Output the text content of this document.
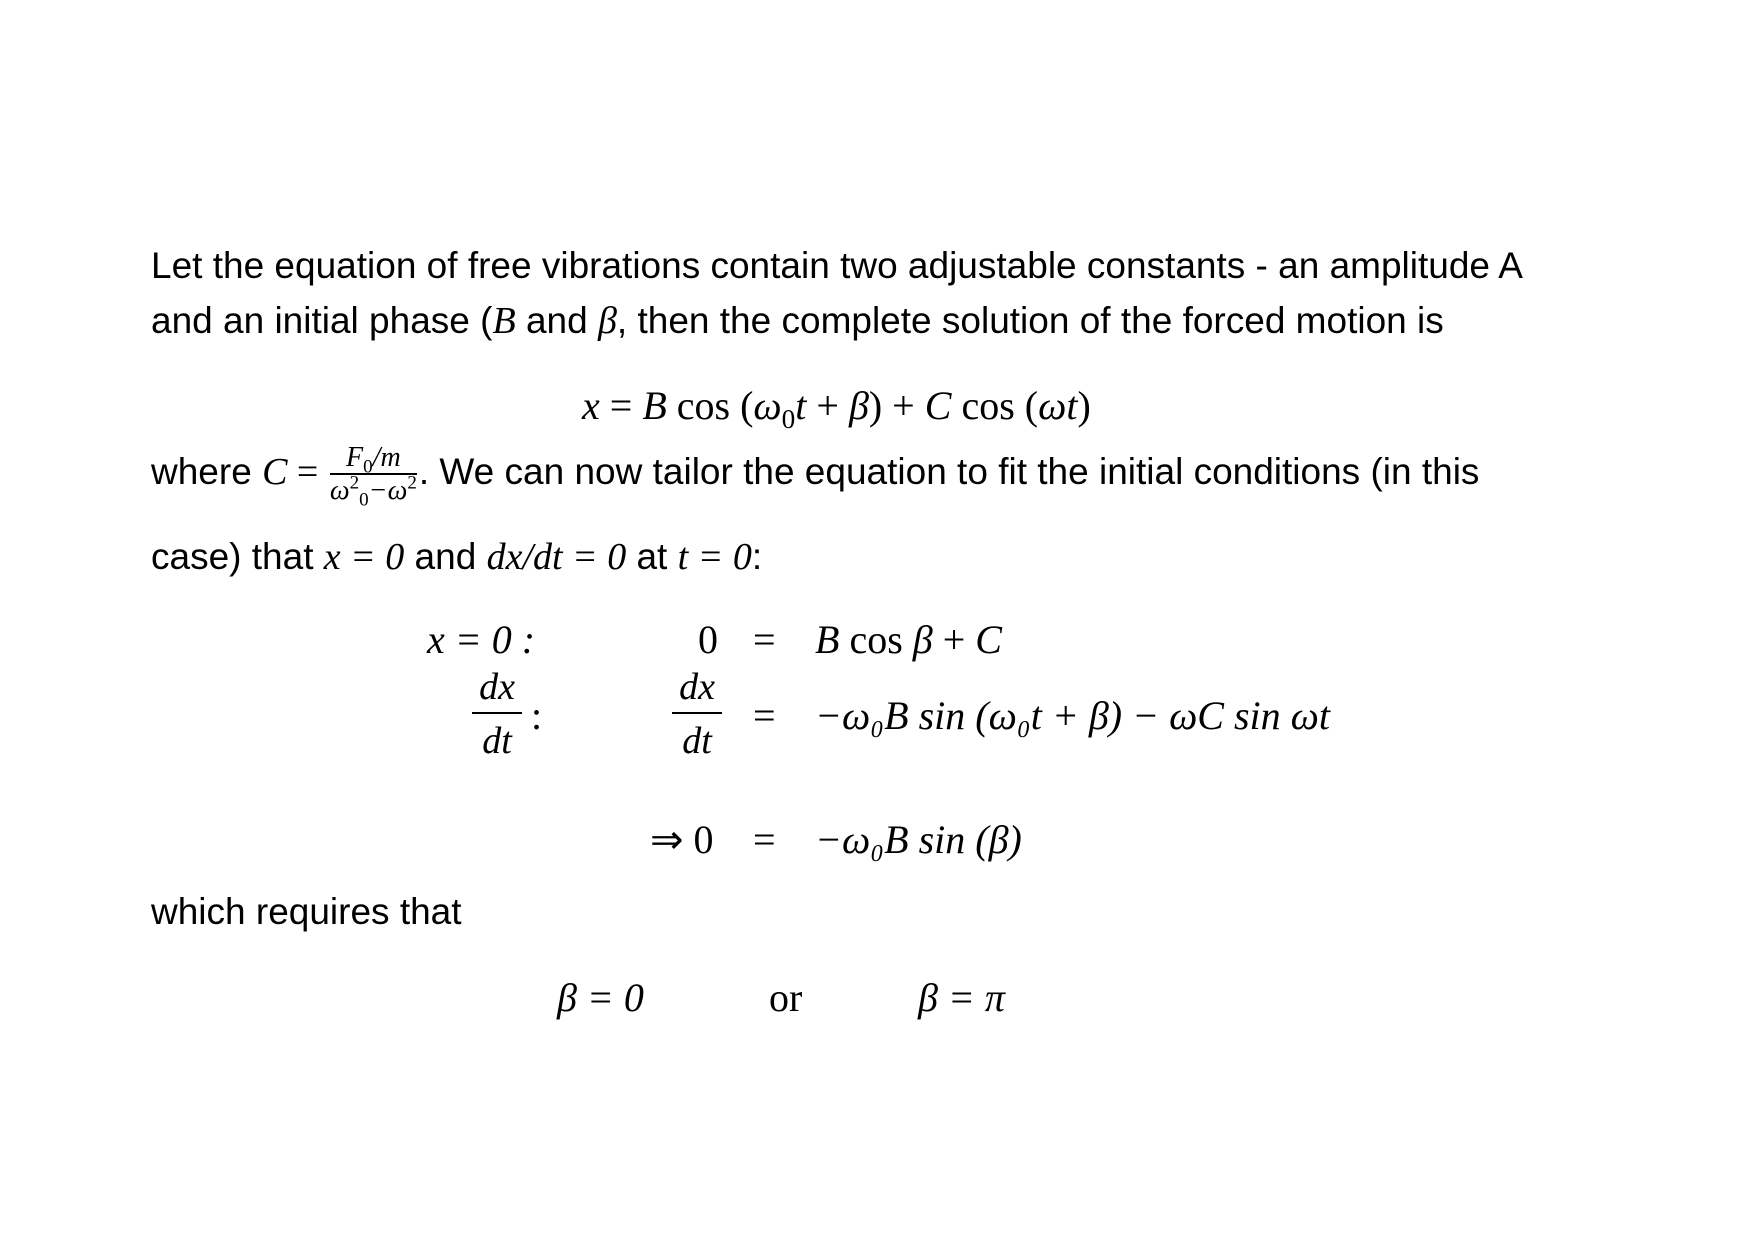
Let the equation of free vibrations contain two adjustable constants - an amplitude A
and an initial phase (B and β, then the complete solution of the forced motion is
x = B $\cos (\omega_0t + \beta) + C$ cos (ωt)
where $C = \frac{F_0/m}{\omega^2_0-\omega^2}$ . We can now tailor the equation to fit the initial conditions (in this
case) that x = 0 and dx/dt = 0 at t = 0:
x = 0 :	0 = B cos β + C
$\frac{dx}{dt}$ :	$\frac{dx}{dt} = -\omega_0B$ sin (ω₀t + β) − ωC sin ωt
⇒ 0 = −ω₀B sin (β)
which requires that
β = 0	or	β = π
